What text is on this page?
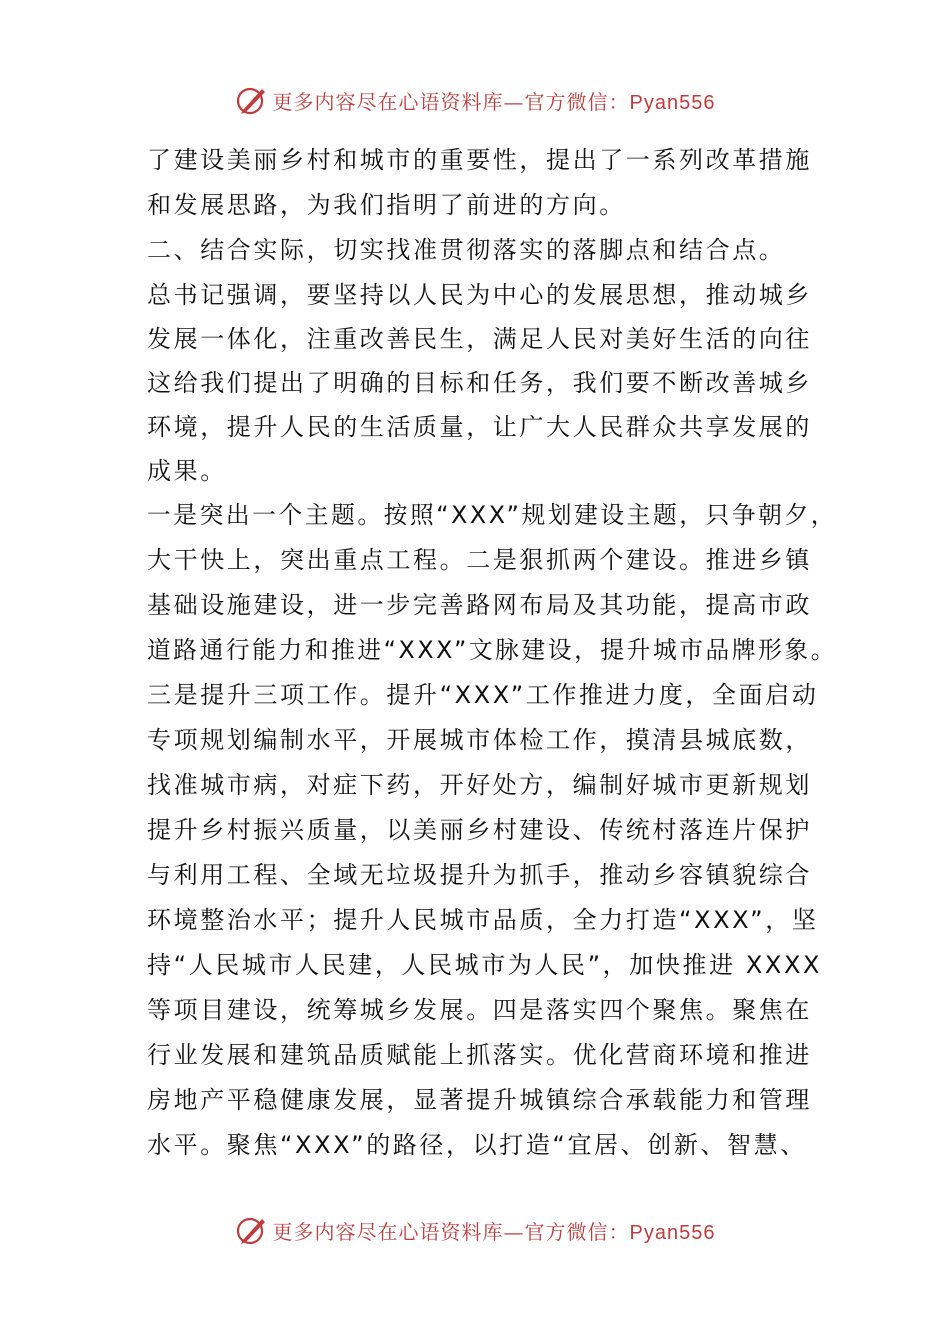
更多内容尽在心语资料库—官方微信：Pyan556
了建设美丽乡村和城市的重要性，提出了一系列改革措施
和发展思路，为我们指明了前进的方向。
二、结合实际，切实找准贯彻落实的落脚点和结合点。
总书记强调，要坚持以人民为中心的发展思想，推动城乡
发展一体化，注重改善民生，满足人民对美好生活的向往
这给我们提出了明确的目标和任务，我们要不断改善城乡
环境，提升人民的生活质量，让广大人民群众共享发展的
成果。
一是突出一个主题。按照“XXX”规划建设主题，只争朝夕，
大干快上，突出重点工程。二是狠抓两个建设。推进乡镇
基础设施建设，进一步完善路网布局及其功能，提高市政
道路通行能力和推进“XXX”文脉建设，提升城市品牌形象。
三是提升三项工作。提升“XXX”工作推进力度，全面启动
专项规划编制水平，开展城市体检工作，摸清县城底数，
找准城市病，对症下药，开好处方，编制好城市更新规划
提升乡村振兴质量，以美丽乡村建设、传统村落连片保护
与利用工程、全域无垃圾提升为抓手，推动乡容镇貌综合
环境整治水平；提升人民城市品质，全力打造“XXX”，坚
持“人民城市人民建，人民城市为人民”，加快推进 XXXX
等项目建设，统筹城乡发展。四是落实四个聚焦。聚焦在
行业发展和建筑品质赋能上抓落实。优化营商环境和推进
房地产平稳健康发展，显著提升城镇综合承载能力和管理
水平。聚焦“XXX”的路径，以打造“宜居、创新、智慧、
更多内容尽在心语资料库—官方微信：Pyan556
